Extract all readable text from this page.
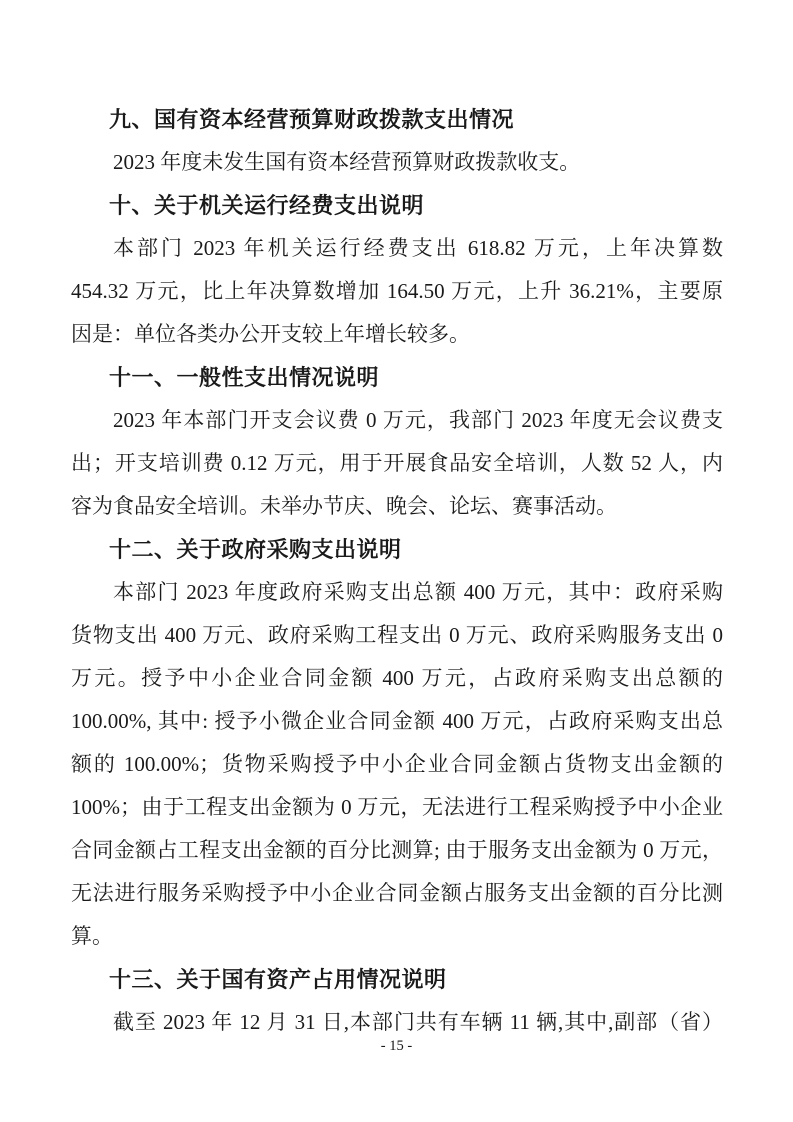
九、国有资本经营预算财政拨款支出情况
2023 年度未发生国有资本经营预算财政拨款收支。
十、关于机关运行经费支出说明
本部门 2023 年机关运行经费支出 618.82 万元，上年决算数
454.32 万元，比上年决算数增加 164.50 万元，上升 36.21%，主要原
因是：单位各类办公开支较上年增长较多。
十一、一般性支出情况说明
2023 年本部门开支会议费 0 万元，我部门 2023 年度无会议费支
出；开支培训费 0.12 万元，用于开展食品安全培训，人数 52 人，内
容为食品安全培训。未举办节庆、晚会、论坛、赛事活动。
十二、关于政府采购支出说明
本部门 2023 年度政府采购支出总额 400 万元，其中：政府采购
货物支出 400 万元、政府采购工程支出 0 万元、政府采购服务支出 0
万元。授予中小企业合同金额 400 万元，占政府采购支出总额的
100.00%, 其中: 授予小微企业合同金额 400 万元，占政府采购支出总
额的 100.00%；货物采购授予中小企业合同金额占货物支出金额的
100%；由于工程支出金额为 0 万元，无法进行工程采购授予中小企业
合同金额占工程支出金额的百分比测算; 由于服务支出金额为 0 万元，
无法进行服务采购授予中小企业合同金额占服务支出金额的百分比测
算。
十三、关于国有资产占用情况说明
截至 2023 年 12 月 31 日,本部门共有车辆 11 辆,其中,副部（省）
- 15 -
